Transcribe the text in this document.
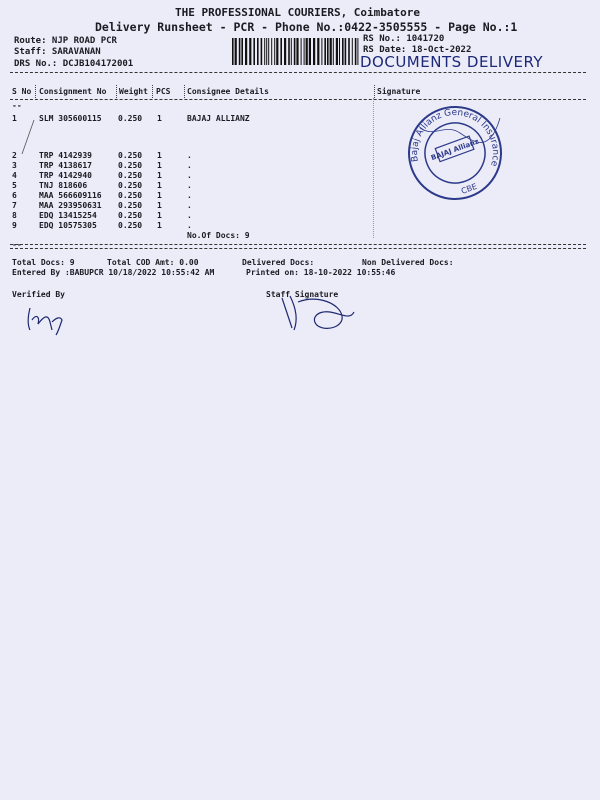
THE PROFESSIONAL COURIERS, Coimbatore
Delivery Runsheet - PCR - Phone No.:0422-3505555 - Page No.:1
Route: NJP ROAD PCR
Staff: SARAVANAN
DRS No.: DCJB104172001
RS No.: 1041720
RS Date: 18-Oct-2022
DOCUMENTS DELIVERY
S No Consignment No Weight PCS Consignee Details	Signature
--
1	SLM 305600115 0.250 1	BAJAJ ALLIANZ
2	TRP 4142939	0.250 1	.
3	TRP 4138617	0.250 1	.
4	TRP 4142940	0.250 1	.
5	TNJ 818606	0.250 1	.
6	MAA 566609116 0.250 1	.
7	MAA 293950631 0.250 1	.
8	EDQ 13415254	0.250 1	.
9	EDQ 10575305	0.250 1	.
No.Of Docs: 9
Bajaj Allianz General Insurance
BAJAJ Allianz
CBE
--
Total Docs: 9	Total COD Amt: 0.00	Delivered Docs:	Non Delivered Docs:
Entered By :BABUPCR 10/18/2022 10:55:42 AM	Printed on: 18-10-2022 10:55:46
Verified By	Staff Signature
